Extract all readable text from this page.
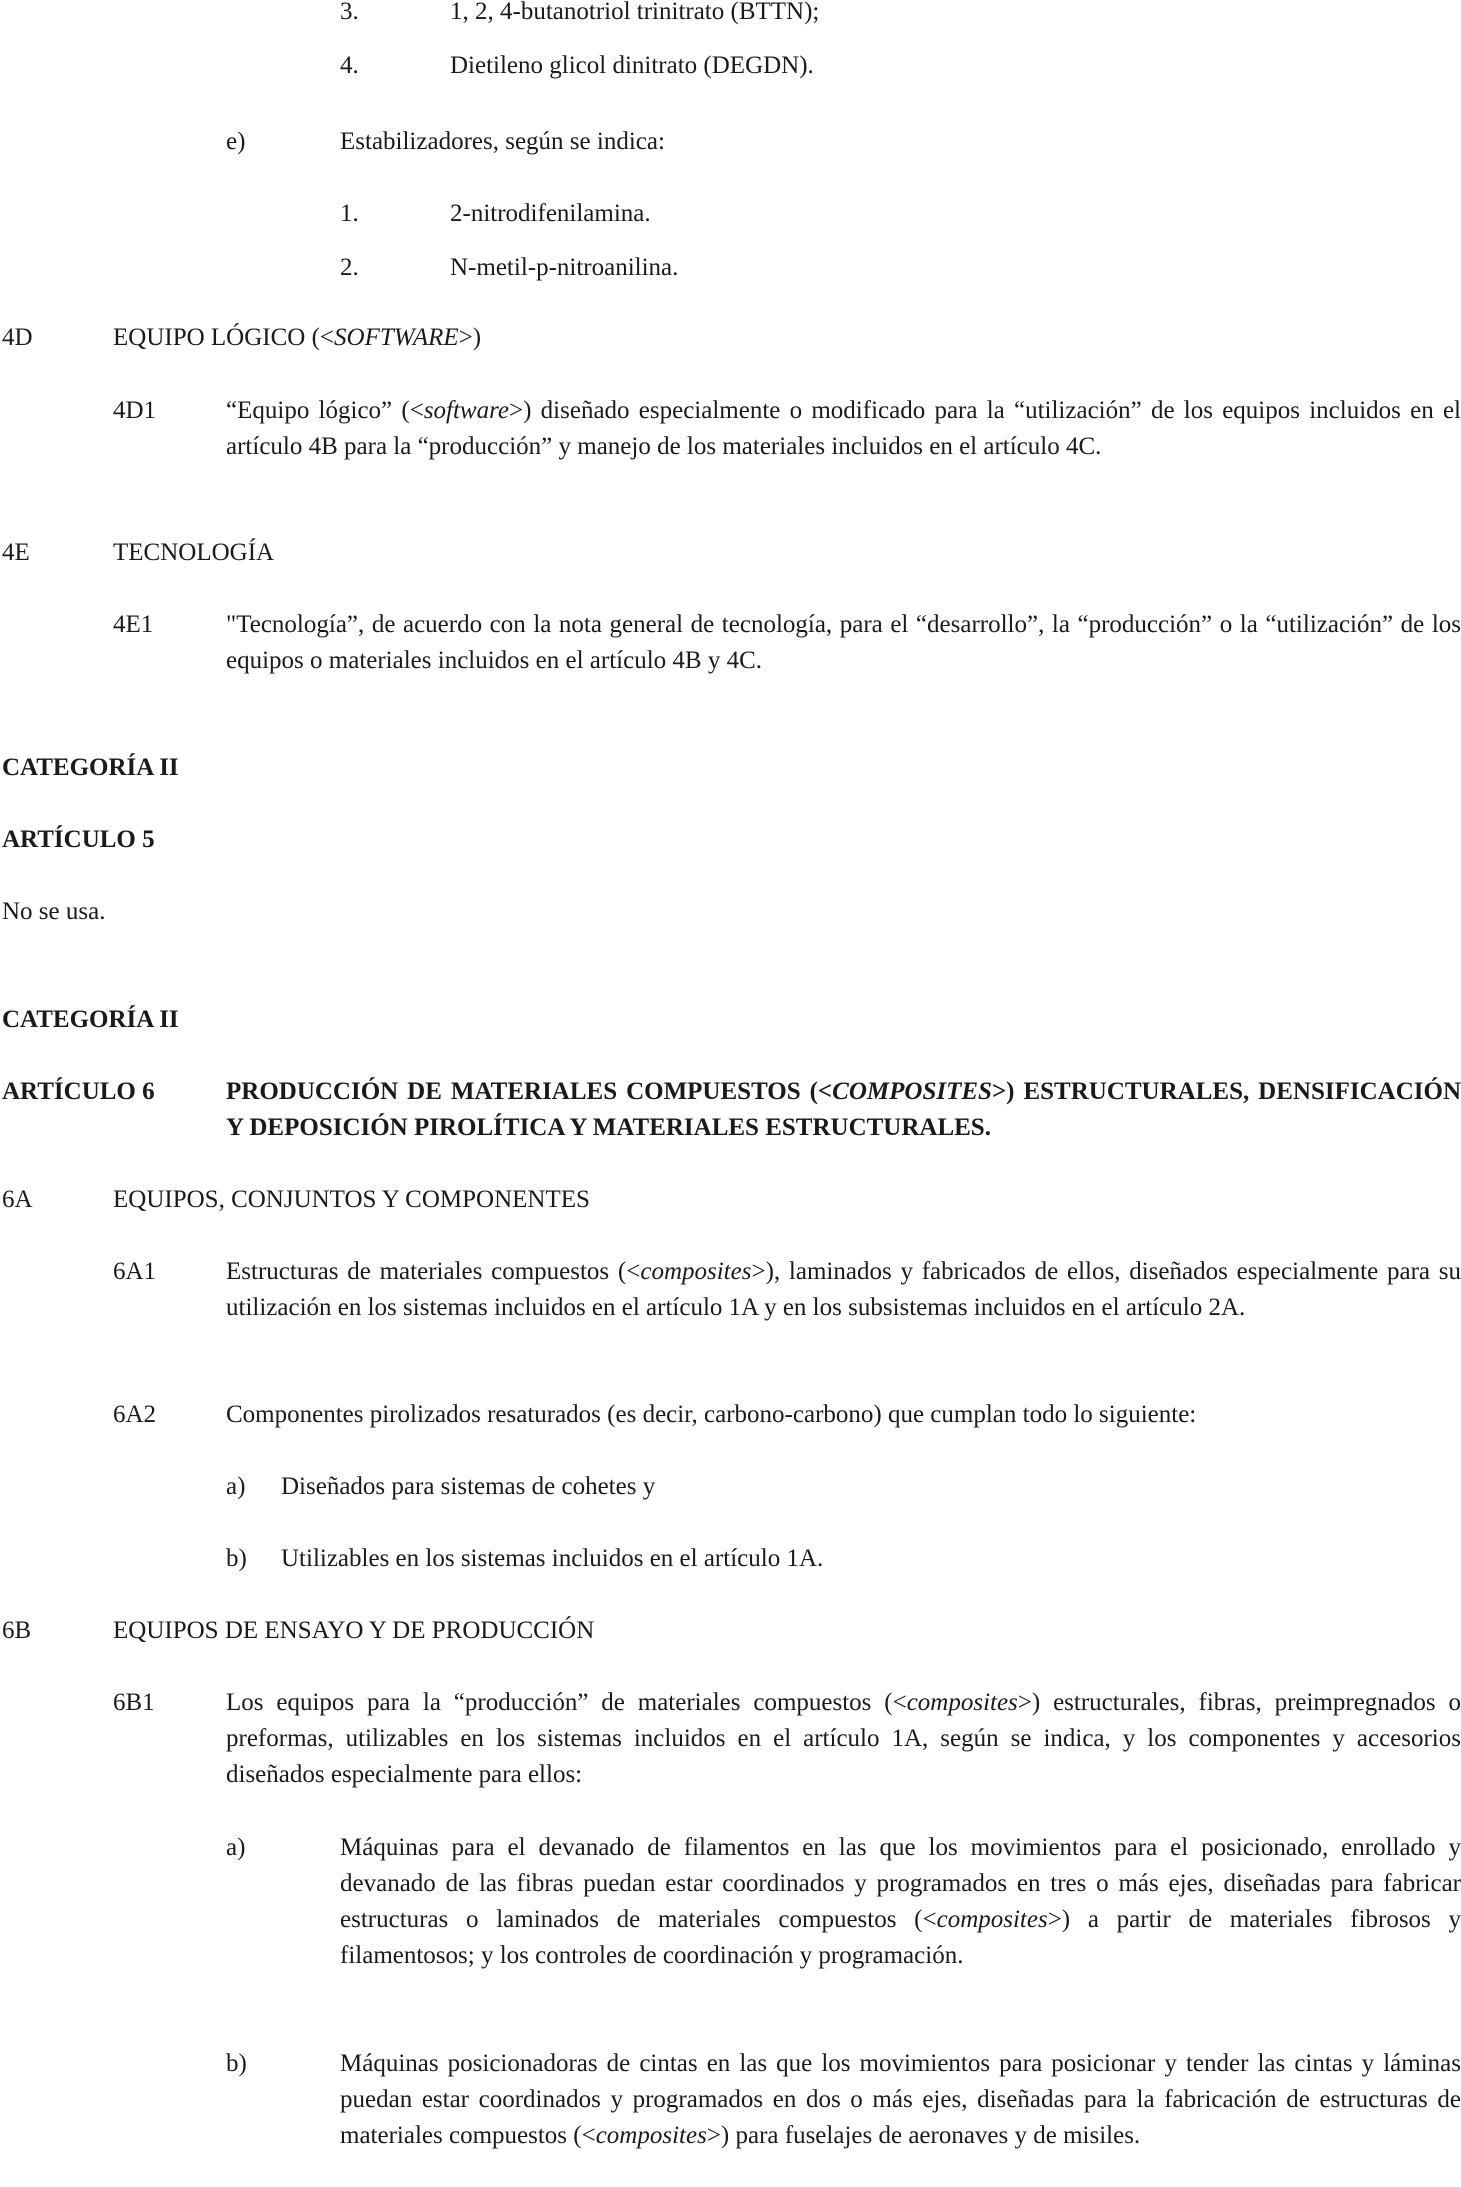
3.	1, 2, 4-butanotriol trinitrato (BTTN);
4.	Dietileno glicol dinitrato (DEGDN).
e)	Estabilizadores, según se indica:
1.	2-nitrodifenilamina.
2.	N-metil-p-nitroanilina.
4D	EQUIPO LÓGICO (<SOFTWARE>)
4D1	“Equipo lógico” (<software>) diseñado especialmente o modificado para la “utilización” de los equipos incluidos en el artículo 4B para la “producción” y manejo de los materiales incluidos en el artículo 4C.
4E	TECNOLOGÍA
4E1	"Tecnología”, de acuerdo con la nota general de tecnología, para el “desarrollo”, la “producción” o la “utilización” de los equipos o materiales incluidos en el artículo 4B y 4C.
CATEGORÍA II
ARTÍCULO 5
No se usa.
CATEGORÍA II
ARTÍCULO 6	PRODUCCIÓN DE MATERIALES COMPUESTOS (<COMPOSITES>) ESTRUCTURALES, DENSIFICACIÓN Y DEPOSICIÓN PIROLÍTICA Y MATERIALES ESTRUCTURALES.
6A	EQUIPOS, CONJUNTOS Y COMPONENTES
6A1	Estructuras de materiales compuestos (<composites>), laminados y fabricados de ellos, diseñados especialmente para su utilización en los sistemas incluidos en el artículo 1A y en los subsistemas incluidos en el artículo 2A.
6A2	Componentes pirolizados resaturados (es decir, carbono-carbono) que cumplan todo lo siguiente:
a) Diseñados para sistemas de cohetes y
b) Utilizables en los sistemas incluidos en el artículo 1A.
6B	EQUIPOS DE ENSAYO Y DE PRODUCCIÓN
6B1	Los equipos para la “producción” de materiales compuestos (<composites>) estructurales, fibras, preimpregnados o preformas, utilizables en los sistemas incluidos en el artículo 1A, según se indica, y los componentes y accesorios diseñados especialmente para ellos:
a)	Máquinas para el devanado de filamentos en las que los movimientos para el posicionado, enrollado y devanado de las fibras puedan estar coordinados y programados en tres o más ejes, diseñadas para fabricar estructuras o laminados de materiales compuestos (<composites>) a partir de materiales fibrosos y filamentosos; y los controles de coordinación y programación.
b)	Máquinas posicionadoras de cintas en las que los movimientos para posicionar y tender las cintas y láminas puedan estar coordinados y programados en dos o más ejes, diseñadas para la fabricación de estructuras de materiales compuestos (<composites>) para fuselajes de aeronaves y de misiles.
